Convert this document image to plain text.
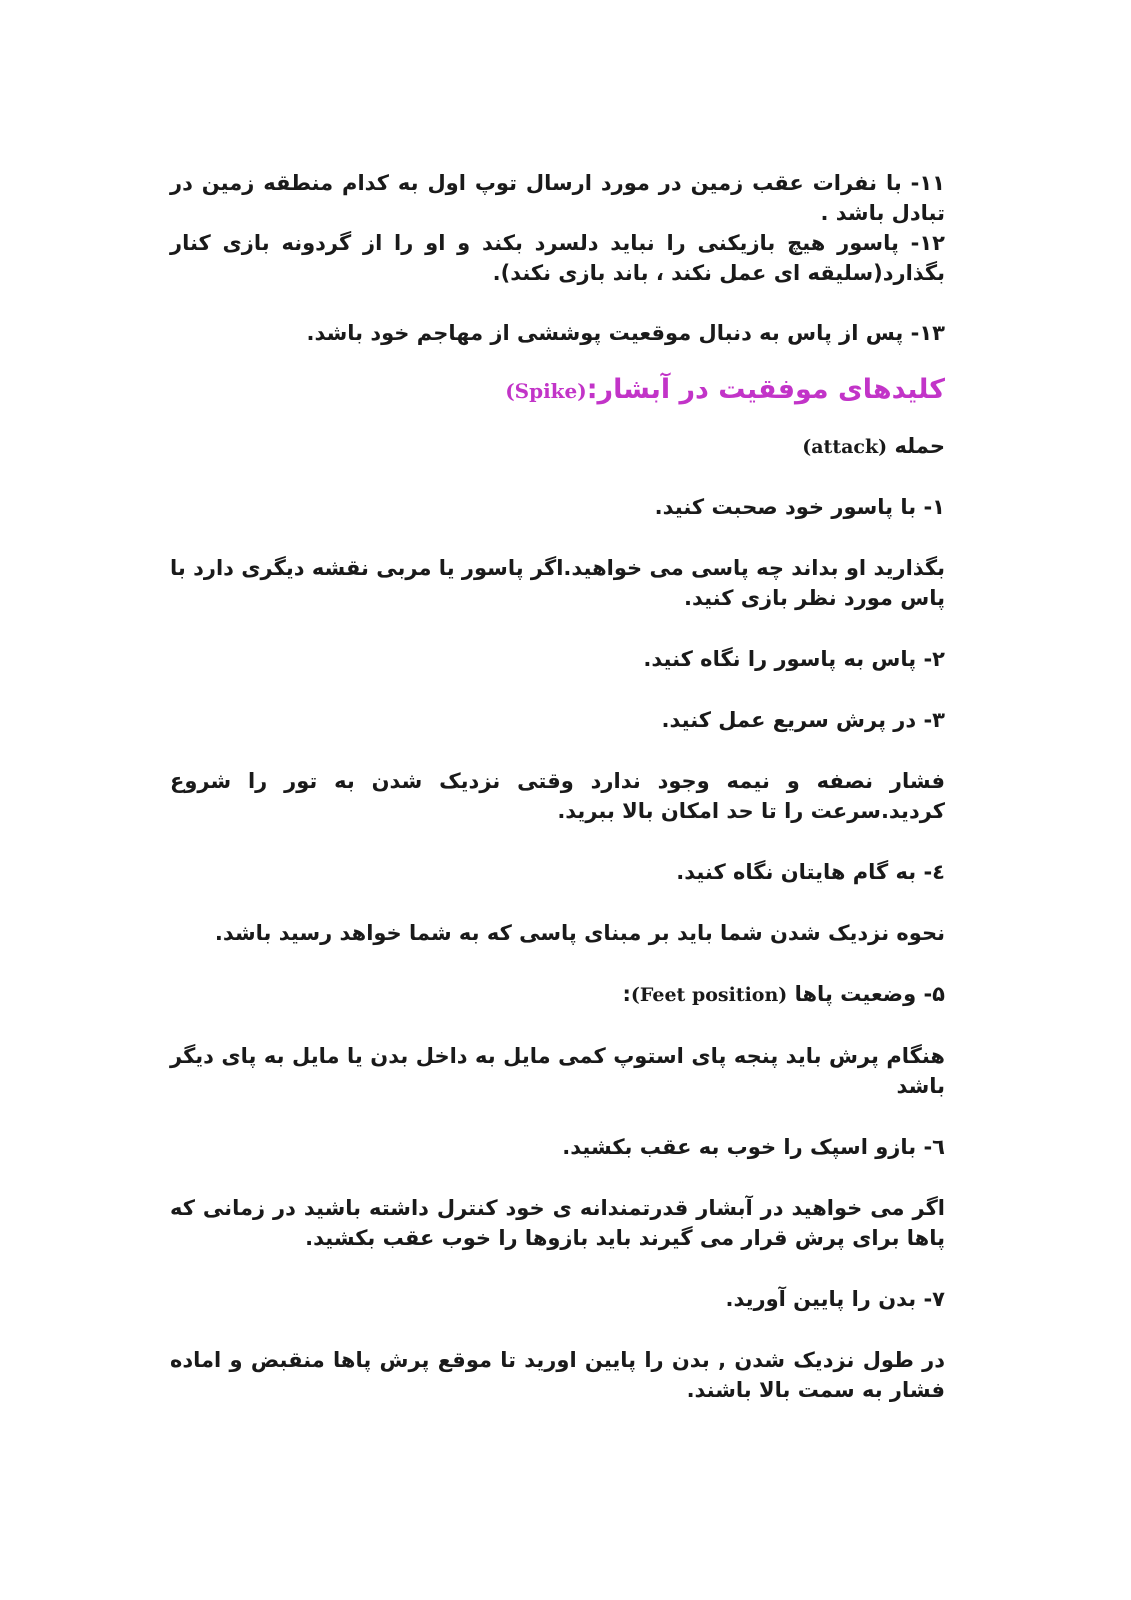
۱۱- با نفرات عقب زمین در مورد ارسال توپ اول به کدام منطقه زمین در تبادل باشد .

۱۲- پاسور هیچ بازیکنی را نباید دلسرد بکند و او را از گردونه بازی کنار بگذارد(سلیقه ای عمل نکند ، باند بازی نکند).

۱۳- پس از پاس به دنبال موقعیت پوششی از مهاجم خود باشد.

کلیدهای موفقیت در آبشار:(Spike)

حمله (attack)

۱- با پاسور خود صحبت کنید.

بگذارید او بداند چه پاسی می خواهید.اگر پاسور یا مربی نقشه دیگری دارد با پاس مورد نظر بازی کنید.

۲- پاس به پاسور را نگاه کنید.

۳- در پرش سریع عمل کنید.

فشار نصفه و نیمه وجود ندارد وقتی نزدیک شدن به تور را شروع کردید.سرعت را تا حد امکان بالا ببرید.

٤- به گام هایتان نگاه کنید.

نحوه نزدیک شدن شما باید بر مبنای پاسی که به شما خواهد رسید باشد.

۵- وضعیت پاها (Feet position):

هنگام پرش باید پنجه پای استوپ کمی مایل به داخل بدن یا مایل به پای دیگر باشد

٦- بازو اسپک را خوب به عقب بکشید.

اگر می خواهید در آبشار قدرتمندانه ی خود کنترل داشته باشید در زمانی که پاها برای پرش قرار می گیرند باید بازوها را خوب عقب بکشید.

۷- بدن را پایین آورید.

در طول نزدیک شدن , بدن را پایین اورید تا موقع پرش پاها منقبض و اماده فشار به سمت بالا باشند.
